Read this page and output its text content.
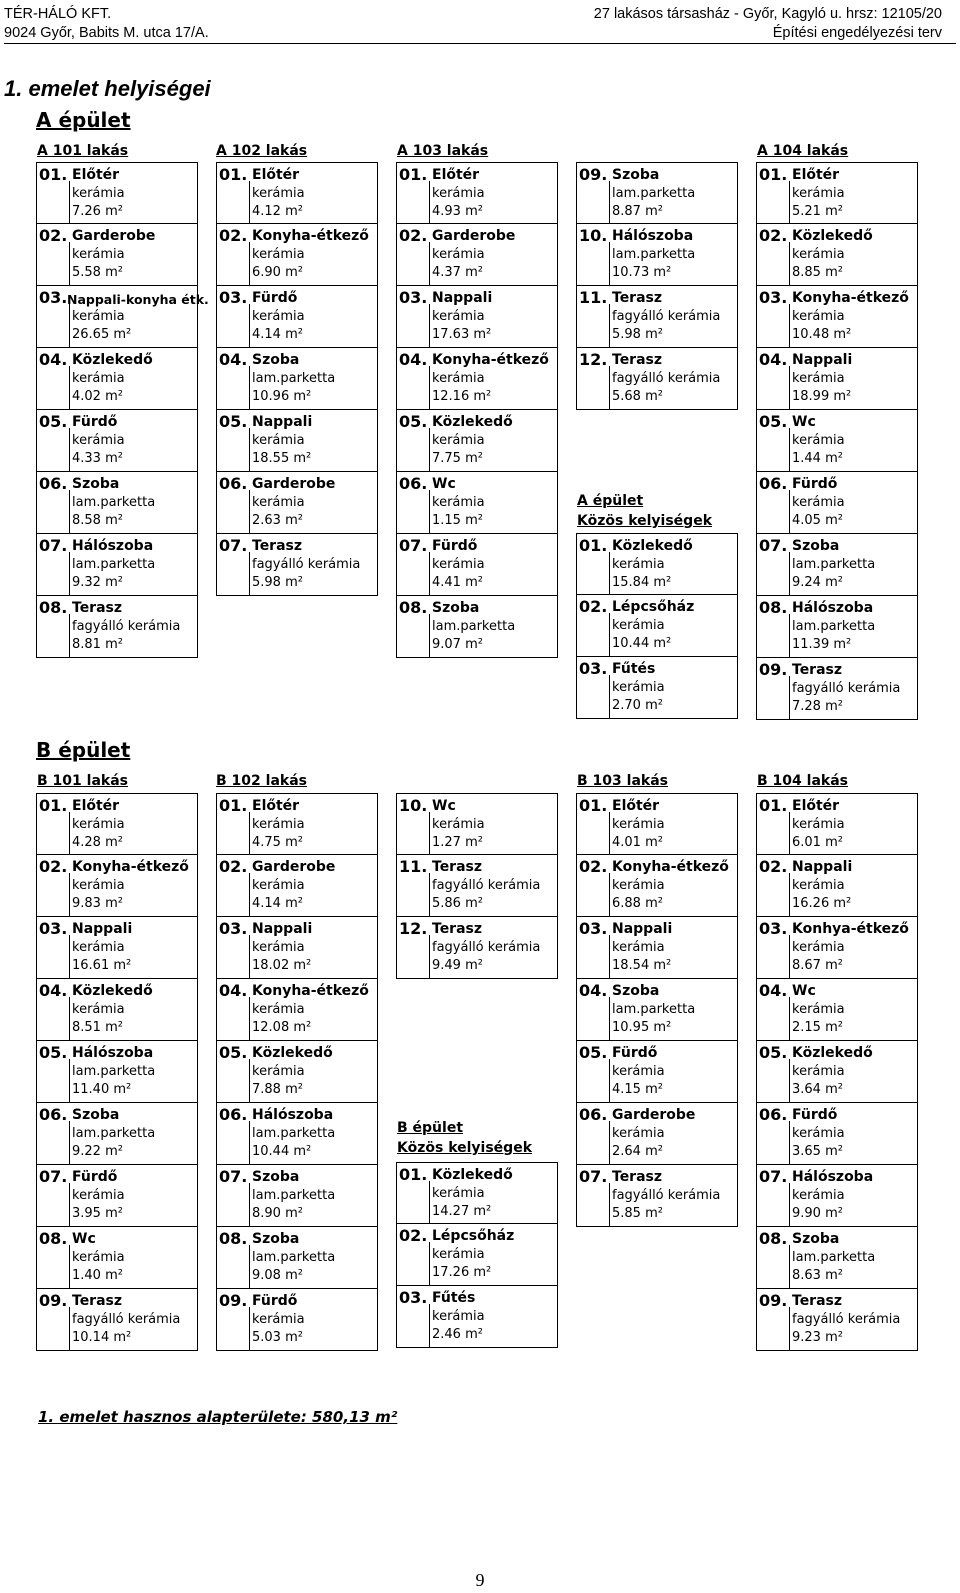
TÉR-HÁLÓ KFT.
9024 Győr, Babits M. utca 17/A.
27 lakásos társasház - Győr, Kagyló u. hrsz: 12105/20
Építési engedélyezési terv
1. emelet helyiségei
A épület
A 101 lakás	A 102 lakás	A 103 lakás	A 104 lakás
01. Előtér
kerámia
7.26 m²
02. Garderobe
kerámia
5.58 m²
03. Nappali-konyha étk.
kerámia
26.65 m²
04. Közlekedő
kerámia
4.02 m²
05. Fürdő
kerámia
4.33 m²
06. Szoba
lam.parketta
8.58 m²
07. Hálószoba
lam.parketta
9.32 m²
08. Terasz
fagyálló kerámia
8.81 m²
01. Előtér
kerámia
4.12 m²
02. Konyha-étkező
kerámia
6.90 m²
03. Fürdő
kerámia
4.14 m²
04. Szoba
lam.parketta
10.96 m²
05. Nappali
kerámia
18.55 m²
06. Garderobe
kerámia
2.63 m²
07. Terasz
fagyálló kerámia
5.98 m²
01. Előtér
kerámia
4.93 m²
02. Garderobe
kerámia
4.37 m²
03. Nappali
kerámia
17.63 m²
04. Konyha-étkező
kerámia
12.16 m²
05. Közlekedő
kerámia
7.75 m²
06. Wc
kerámia
1.15 m²
07. Fürdő
kerámia
4.41 m²
08. Szoba
lam.parketta
9.07 m²
09. Szoba
lam.parketta
8.87 m²
10. Hálószoba
lam.parketta
10.73 m²
11. Terasz
fagyálló kerámia
5.98 m²
12. Terasz
fagyálló kerámia
5.68 m²
01. Előtér
kerámia
5.21 m²
02. Közlekedő
kerámia
8.85 m²
03. Konyha-étkező
kerámia
10.48 m²
04. Nappali
kerámia
18.99 m²
05. Wc
kerámia
1.44 m²
06. Fürdő
kerámia
4.05 m²
07. Szoba
lam.parketta
9.24 m²
08. Hálószoba
lam.parketta
11.39 m²
09. Terasz
fagyálló kerámia
7.28 m²
A épület
Közös kelyiségek
01. Közlekedő
kerámia
15.84 m²
02. Lépcsőház
kerámia
10.44 m²
03. Fűtés
kerámia
2.70 m²
B épület
B 101 lakás	B 102 lakás	B 103 lakás	B 104 lakás
01. Előtér
kerámia
4.28 m²
02. Konyha-étkező
kerámia
9.83 m²
03. Nappali
kerámia
16.61 m²
04. Közlekedő
kerámia
8.51 m²
05. Hálószoba
lam.parketta
11.40 m²
06. Szoba
lam.parketta
9.22 m²
07. Fürdő
kerámia
3.95 m²
08. Wc
kerámia
1.40 m²
09. Terasz
fagyálló kerámia
10.14 m²
01. Előtér
kerámia
4.75 m²
02. Garderobe
kerámia
4.14 m²
03. Nappali
kerámia
18.02 m²
04. Konyha-étkező
kerámia
12.08 m²
05. Közlekedő
kerámia
7.88 m²
06. Hálószoba
lam.parketta
10.44 m²
07. Szoba
lam.parketta
8.90 m²
08. Szoba
lam.parketta
9.08 m²
09. Fürdő
kerámia
5.03 m²
10. Wc
kerámia
1.27 m²
11. Terasz
fagyálló kerámia
5.86 m²
12. Terasz
fagyálló kerámia
9.49 m²
01. Előtér
kerámia
4.01 m²
02. Konyha-étkező
kerámia
6.88 m²
03. Nappali
kerámia
18.54 m²
04. Szoba
lam.parketta
10.95 m²
05. Fürdő
kerámia
4.15 m²
06. Garderobe
kerámia
2.64 m²
07. Terasz
fagyálló kerámia
5.85 m²
01. Előtér
kerámia
6.01 m²
02. Nappali
kerámia
16.26 m²
03. Konhya-étkező
kerámia
8.67 m²
04. Wc
kerámia
2.15 m²
05. Közlekedő
kerámia
3.64 m²
06. Fürdő
kerámia
3.65 m²
07. Hálószoba
kerámia
9.90 m²
08. Szoba
lam.parketta
8.63 m²
09. Terasz
fagyálló kerámia
9.23 m²
B épület
Közös kelyiségek
01. Közlekedő
kerámia
14.27 m²
02. Lépcsőház
kerámia
17.26 m²
03. Fűtés
kerámia
2.46 m²
1. emelet hasznos alapterülete: 580,13 m²
9
